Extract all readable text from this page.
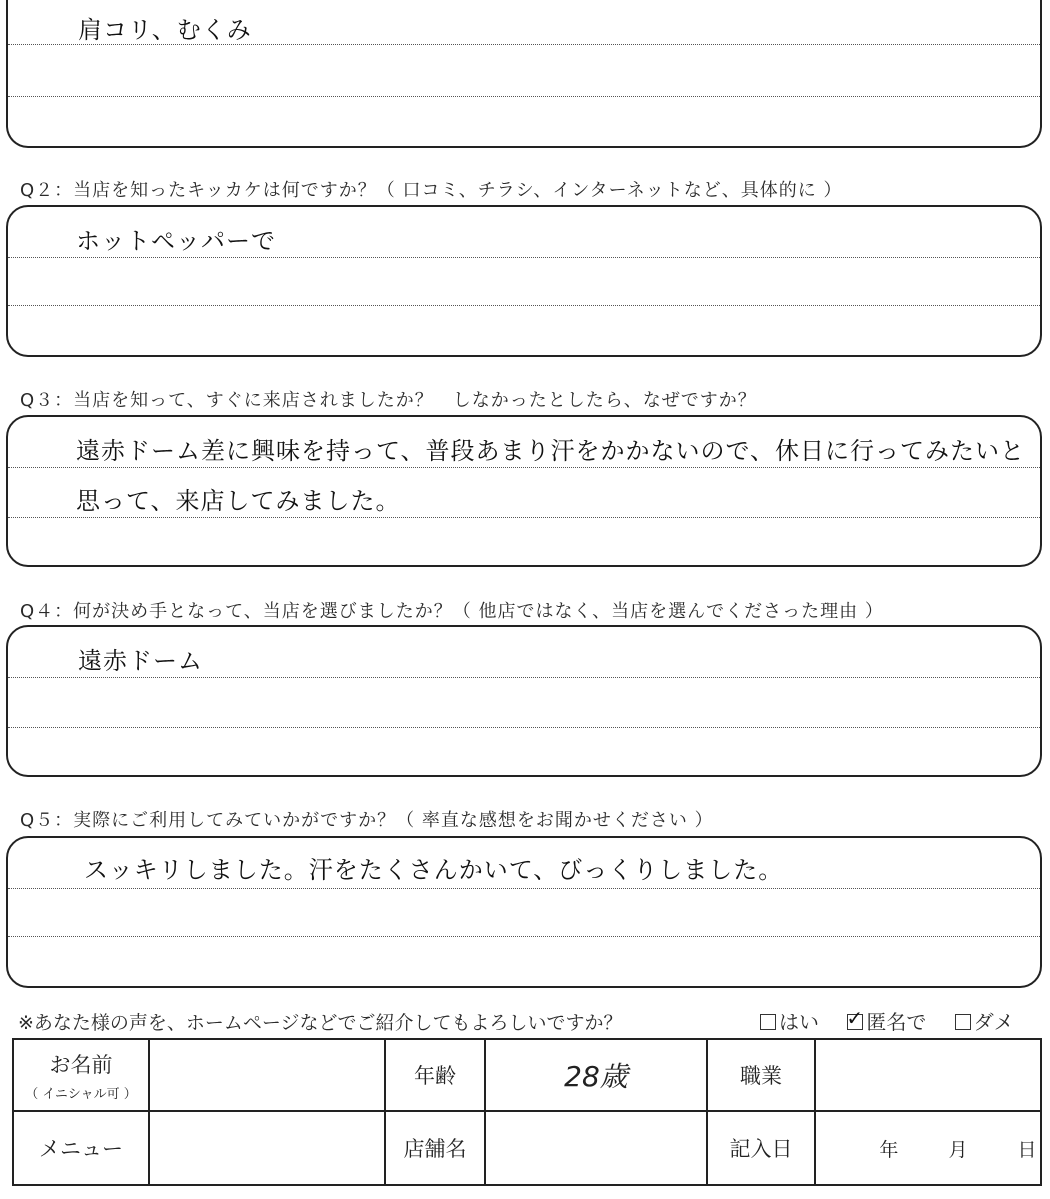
肩コリ、むくみ
Q２：当店を知ったキッカケは何ですか？（ 口コミ、チラシ、インターネットなど、具体的に ）
ホットペッパーで
Q３：当店を知って、すぐに来店されましたか？　しなかったとしたら、なぜですか？
遠赤ドーム差に興味を持って、普段あまり汗をかかないので、休日に行ってみたいと
思って、来店してみました。
Q４：何が決め手となって、当店を選びましたか？（ 他店ではなく、当店を選んでくださった理由 ）
遠赤ドーム
Q５：実際にご利用してみていかがですか？（ 率直な感想をお聞かせください ）
スッキリしました。汗をたくさんかいて、びっくりしました。
※あなた様の声を、ホームページなどでご紹介してもよろしいですか？	はい ✓ 匿名で ダメ
お名前
（ イニシャル可 ）		年齢	28歳	職業	
メニュー		店舗名		記入日	年 月 日
